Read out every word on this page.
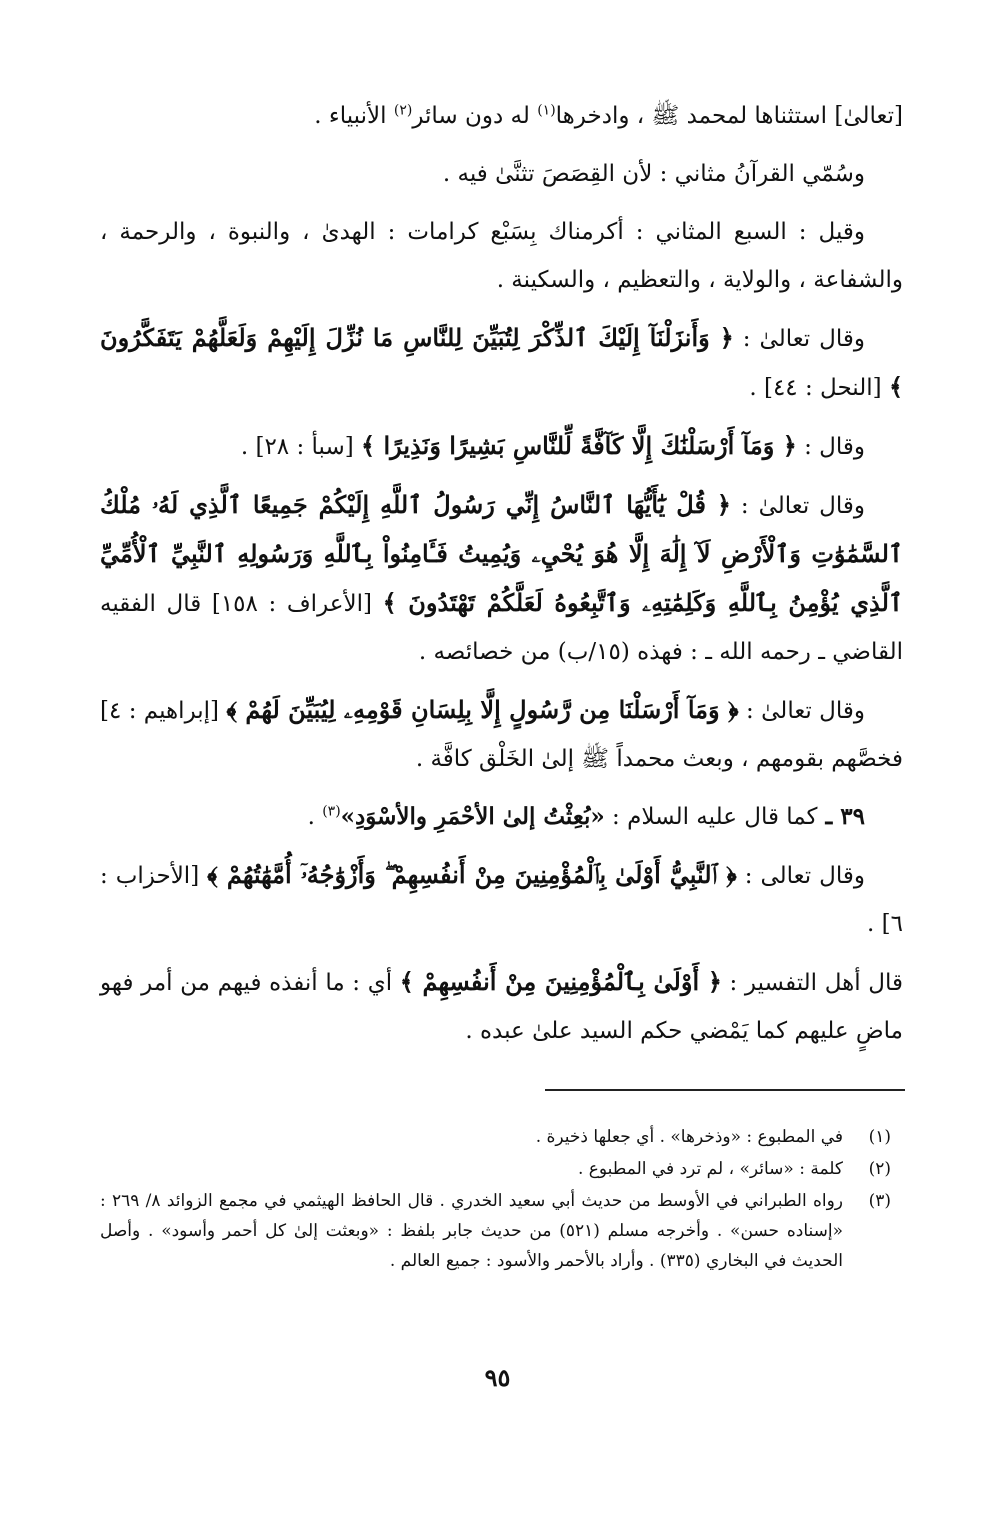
[تعالىٰ] استثناها لمحمد ﷺ ، وادخرها$^{(١)}$ له دون سائر$^{(٢)}$ الأنبياء .

وسُمّي القرآنُ مثاني : لأن القِصَصَ تثنَّىٰ فيه .

وقيل : السبع المثاني : أكرمناك بِسَبْع كرامات : الهدىٰ ، والنبوة ، والرحمة ، والشفاعة ، والولاية ، والتعظيم ، والسكينة .

وقال تعالىٰ : ﴿ وَأَنزَلْنَآ إِلَيْكَ ٱلذِّكْرَ لِتُبَيِّنَ لِلنَّاسِ مَا نُزِّلَ إِلَيْهِمْ وَلَعَلَّهُمْ يَتَفَكَّرُونَ ﴾ [النحل : ٤٤] .

وقال : ﴿ وَمَآ أَرْسَلْنَٰكَ إِلَّا كَآفَّةً لِّلنَّاسِ بَشِيرًا وَنَذِيرًا ﴾ [سبأ : ٢٨] .

وقال تعالىٰ : ﴿ قُلْ يَٰٓأَيُّهَا ٱلنَّاسُ إِنِّي رَسُولُ ٱللَّهِ إِلَيْكُمْ جَمِيعًا ٱلَّذِي لَهُۥ مُلْكُ ٱلسَّمَٰوَٰتِ وَٱلْأَرْضِ لَآ إِلَٰهَ إِلَّا هُوَ يُحْيِۦ وَيُمِيتُ فَـَٔامِنُواْ بِٱللَّهِ وَرَسُولِهِ ٱلنَّبِيِّ ٱلْأُمِّيِّ ٱلَّذِي يُؤْمِنُ بِٱللَّهِ وَكَلِمَٰتِهِۦ وَٱتَّبِعُوهُ لَعَلَّكُمْ تَهْتَدُونَ ﴾ [الأعراف : ١٥٨] قال الفقيه القاضي ـ رحمه الله ـ : فهذه (١٥/ب) من خصائصه .

وقال تعالىٰ : ﴿ وَمَآ أَرْسَلْنَا مِن رَّسُولٍ إِلَّا بِلِسَانِ قَوْمِهِۦ لِيُبَيِّنَ لَهُمْ ﴾ [إبراهيم : ٤] فخصَّهم بقومهم ، وبعث محمداً ﷺ إلىٰ الخَلْق كافَّة .

٣٩ ـ كما قال عليه السلام : «بُعِثْتُ إلىٰ الأحْمَرِ والأسْوَدِ»$^{(٣)}$ .

وقال تعالى : ﴿ ٱلنَّبِيُّ أَوْلَىٰ بِٱلْمُؤْمِنِينَ مِنْ أَنفُسِهِمْ ۖ وَأَزْوَٰجُهُۥٓ أُمَّهَٰتُهُمْ ﴾ [الأحزاب : ٦] .

قال أهل التفسير : ﴿ أَوْلَىٰ بِٱلْمُؤْمِنِينَ مِنْ أَنفُسِهِمْ ﴾ أي : ما أنفذه فيهم من أمر فهو ماضٍ عليهم كما يَمْضي حكم السيد علىٰ عبده .

(١)
في المطبوع : «وذخرها» . أي جعلها ذخيرة .
(٢)
كلمة : «سائر» ، لم ترد في المطبوع .
(٣)
رواه الطبراني في الأوسط من حديث أبي سعيد الخدري . قال الحافظ الهيثمي في مجمع الزوائد ٨/ ٢٦٩ : «إسناده حسن» . وأخرجه مسلم (٥٢١) من حديث جابر بلفظ : «وبعثت إلىٰ كل أحمر وأسود» . وأصل الحديث في البخاري (٣٣٥) . وأراد بالأحمر والأسود : جميع العالم .
٩٥
